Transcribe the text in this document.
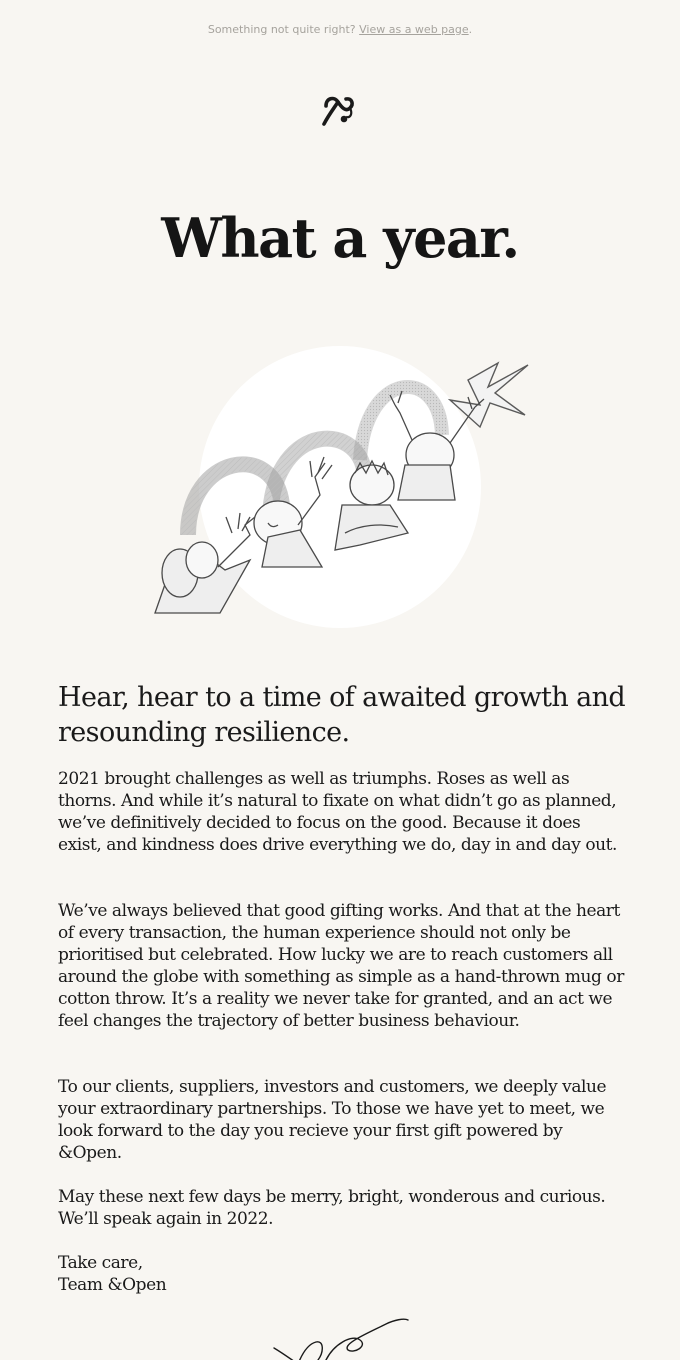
Something not quite right? View as a web page.
What a year.
Hear, hear to a time of awaited growth and resounding resilience.

2021 brought challenges as well as triumphs. Roses as well as thorns. And while it’s natural to fixate on what didn’t go as planned, we’ve definitively decided to focus on the good. Because it does exist, and kindness does drive everything we do, day in and day out.

We’ve always believed that good gifting works. And that at the heart of every transaction, the human experience should not only be prioritised but celebrated. How lucky we are to reach customers all around the globe with something as simple as a hand-thrown mug or cotton throw. It’s a reality we never take for granted, and an act we feel changes the trajectory of better business behaviour.

To our clients, suppliers, investors and customers, we deeply value your extraordinary partnerships. To those we have yet to meet, we look forward to the day you recieve your first gift powered by &Open.

May these next few days be merry, bright, wonderous and curious. We’ll speak again in 2022.

Take care,

Team &Open
